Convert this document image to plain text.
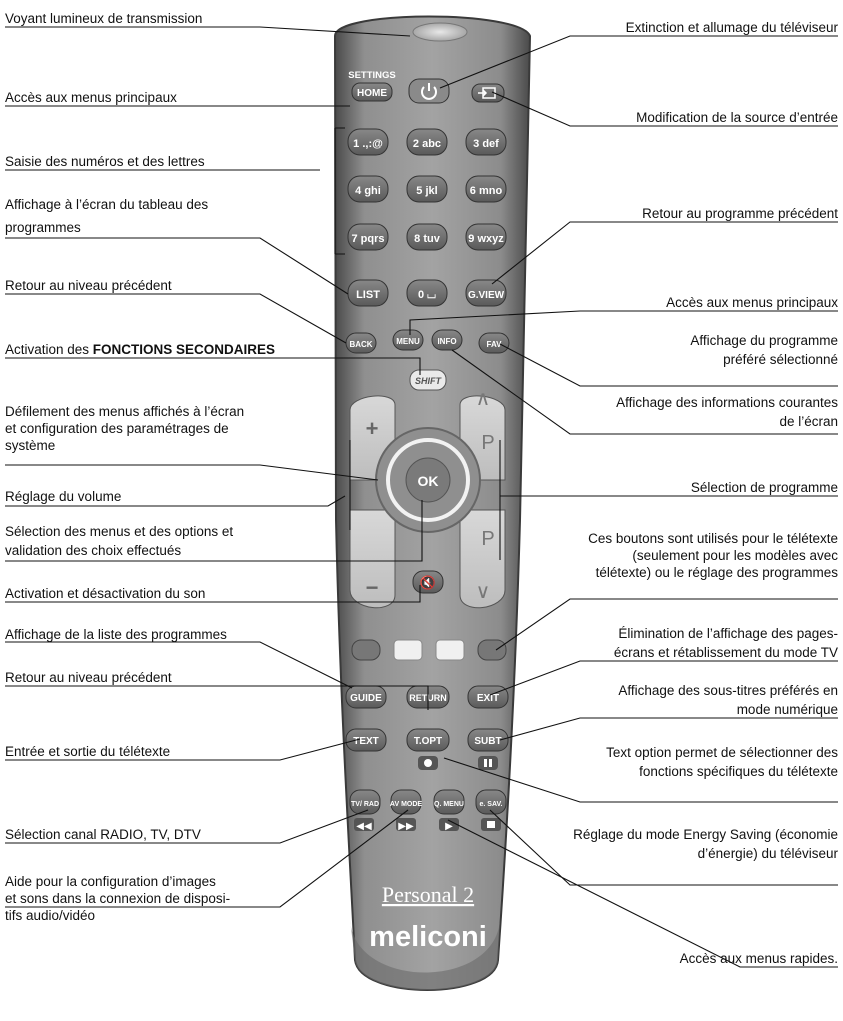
SETTINGS
HOME
1 .,:@	2 abc	3 def
4 ghi	5 jkl	6 mno
7 pqrs	8 tuv	9 wxyz
LIST	0 ⌴	G.VIEW
BACK	MENU INFO	FAV
SHIFT
+
−
∧
P
P
∨
OK
🔇
GUIDE	RETURN	EXIT
TEXT	T.OPT	SUBT
TV/ RAD AV MODE Q. MENU e. SAV.
◀◀	▶▶	▶
Personal 2
meliconi
Voyant lumineux de transmission
Accès aux menus principaux
Saisie des numéros et des lettres
Affichage à l’écran du tableau des
programmes
Retour au niveau précédent
Activation des FONCTIONS SECONDAIRES
Défilement des menus affichés à l’écran
et configuration des paramétrages de
système
Réglage du volume
Sélection des menus et des options et
validation des choix effectués
Activation et désactivation du son
Affichage de la liste des programmes
Retour au niveau précédent
Entrée et sortie du télétexte
Sélection canal RADIO, TV, DTV
Aide pour la configuration d’images
et sons dans la connexion de disposi-
tifs audio/vidéo
Extinction et allumage du téléviseur
Modification de la source d’entrée
Retour au programme précédent
Accès aux menus principaux
Affichage du programme
préféré sélectionné
Affichage des informations courantes
de l’écran
Sélection de programme
Ces boutons sont utilisés pour le télétexte
(seulement pour les modèles avec
télétexte) ou le réglage des programmes
Élimination de l’affichage des pages-
écrans et rétablissement du mode TV
Affichage des sous-titres préférés en
mode numérique
Text option permet de sélectionner des
fonctions spécifiques du télétexte
Réglage du mode Energy Saving (économie
d’énergie) du téléviseur
Accès aux menus rapides.
